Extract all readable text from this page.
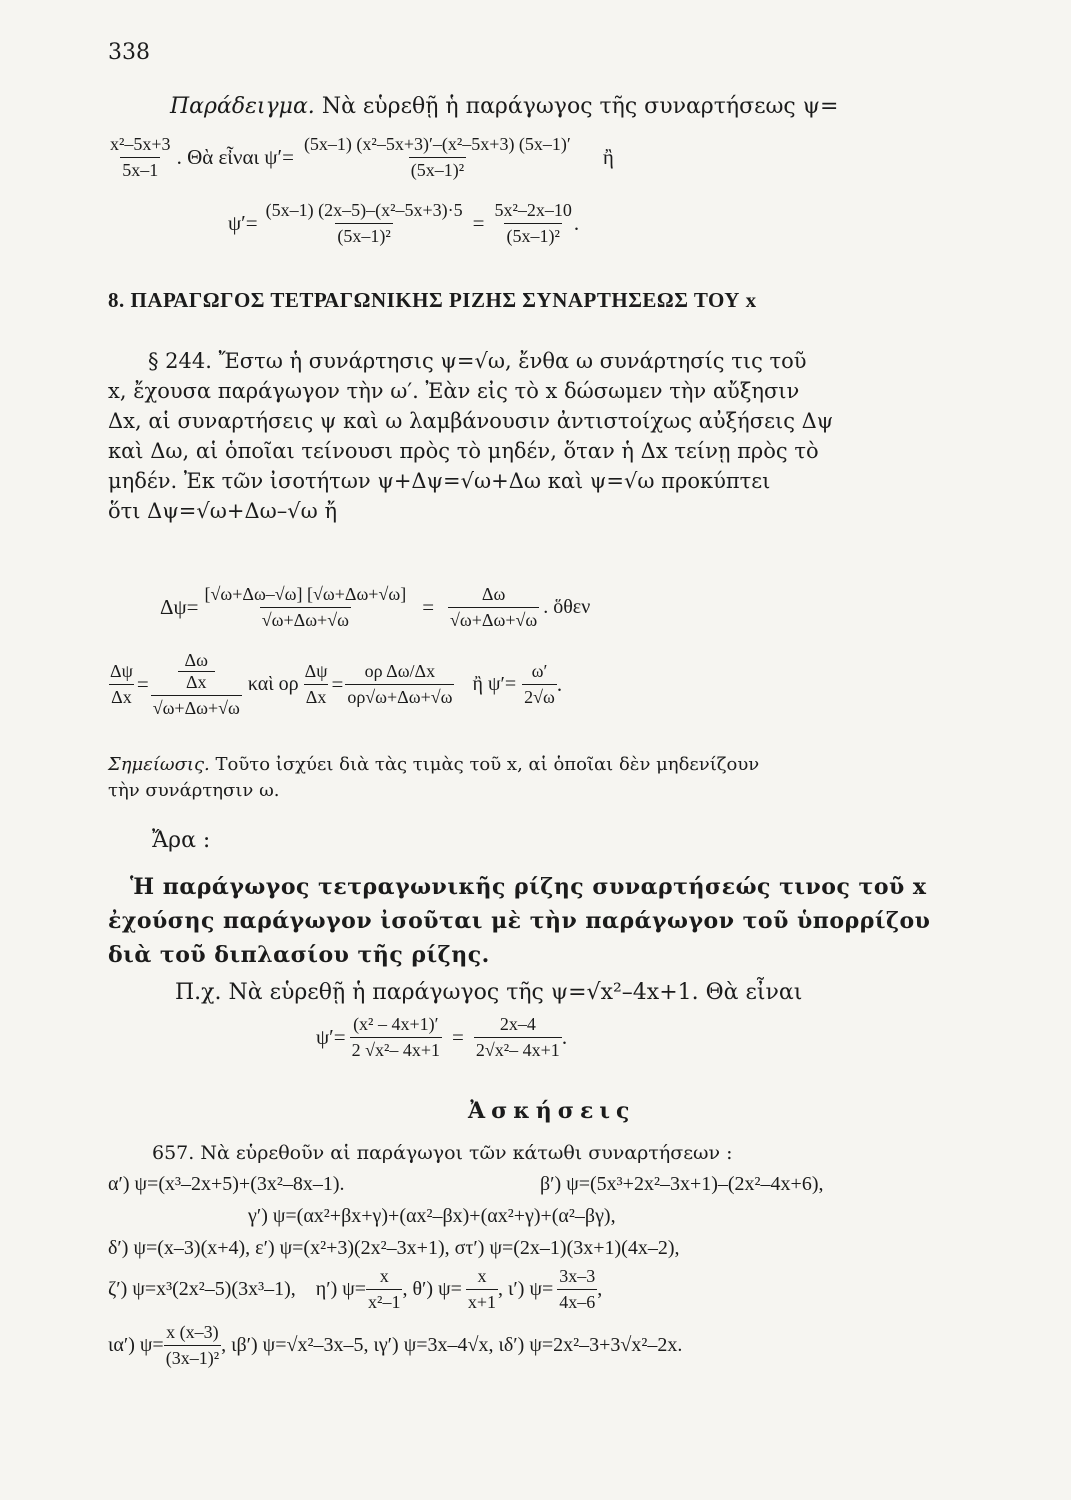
338
Παράδειγμα. Νὰ εὑρεθῇ ἡ παράγωγος τῆς συναρτήσεως ψ=
$\frac{\text{x²–5x+3}}{5x-1}$ . Θὰ εἶναι $\psi'= \frac{\text{(5x–1) (x²–5x+3)′–(x²–5x+3) (5x–1)′}}{\text{(5x–1)²}}$ ἢ
$\psi'= \frac{\text{(5x–1) (2x–5)–(x²–5x+3)·5}}{\text{(5x–1)²}} = \frac{\text{5x²–2x–10}}{\text{(5x–1)²}}$ .
8. ΠΑΡΑΓΩΓΟΣ ΤΕΤΡΑΓΩΝΙΚΗΣ ΡΙΖΗΣ ΣΥΝΑΡΤΗΣΕΩΣ ΤΟΥ x
§ 244. Ἔστω ἡ συνάρτησις ψ=√ω, ἔνθα ω συνάρτησίς τις τοῦ
x, ἔχουσα παράγωγον τὴν ω′. Ἐὰν εἰς τὸ x δώσωμεν τὴν αὔξησιν
Δx, αἱ συναρτήσεις ψ καὶ ω λαμβάνουσιν ἀντιστοίχως αὐξήσεις Δψ
καὶ Δω, αἱ ὁποῖαι τείνουσι πρὸς τὸ μηδέν, ὅταν ἡ Δx τείνῃ πρὸς τὸ
μηδέν. Ἐκ τῶν ἰσοτήτων ψ+Δψ=√ω+Δω καὶ ψ=√ω προκύπτει
ὅτι Δψ=√ω+Δω–√ω ἤ
$\Delta\psi= \frac{[√\omega+\Delta\omega-√\omega] [√\omega+\Delta\omega+√\omega]}{√\omega+\Delta\omega+√\omega} = \frac{\Delta\omega}{√\omega+\Delta\omega+√\omega}$ . ὅθεν
$\frac{\Delta\psi}{\Delta x} = \frac{\frac{\Delta\omega}{\Delta x}}{√\omega+\Delta\omega+√\omega}$ καὶ ορ $\frac{\Delta\psi}{\Delta x} = \frac{\text{ορ Δω/Δx}}{o\rho√\omega+\Delta\omega+√\omega}$ ἢ $\psi'= \frac{\omega'}{2√\omega}$ .
Σημείωσις. Τοῦτο ἰσχύει διὰ τὰς τιμὰς τοῦ x, αἱ ὁποῖαι δὲν μηδενίζουν
τὴν συνάρτησιν ω.
Ἄρα :
Ἡ παράγωγος τετραγωνικῆς ρίζης συναρτήσεώς τινος τοῦ x
ἐχούσης παράγωγον ἰσοῦται μὲ τὴν παράγωγον τοῦ ὑπορρίζου
διὰ τοῦ διπλασίου τῆς ρίζης.
Π.χ. Νὰ εὑρεθῇ ἡ παράγωγος τῆς ψ=√x²–4x+1. Θὰ εἶναι
$\psi'= \frac{\text{(x² – 4x+1)′}}{\text{2 √x²– 4x+1}} = \frac{2x-4}{\text{2√x²– 4x+1}}$ .
Ἀσκήσεις
657. Νὰ εὑρεθοῦν αἱ παράγωγοι τῶν κάτωθι συναρτήσεων :
α′) ψ=(x³–2x+5)+(3x²–8x–1).	β′) ψ=(5x³+2x²–3x+1)–(2x²–4x+6),
γ′) ψ=(αx²+βx+γ)+(αx²–βx)+(αx²+γ)+(α²–βγ),
δ′) ψ=(x–3)(x+4), ε′) ψ=(x²+3)(2x²–3x+1), στ′) ψ=(2x–1)(3x+1)(4x–2),
ζ′) ψ=x³(2x²–5)(3x³–1), η′) $\psi= \frac{x}{\text{x²–1}}$ , θ′) $\psi= \frac{x}{x+1}$ , ι′) $\psi= \frac{3x-3}{4x-6}$ ,
ια′) $\psi= \frac{x (x-3)}{\text{(3x–1)²}}$ , ιβ′) ψ=√x²–3x–5, ιγ′) ψ=3x–4√x, ιδ′) ψ=2x²–3+3√x²–2x.
